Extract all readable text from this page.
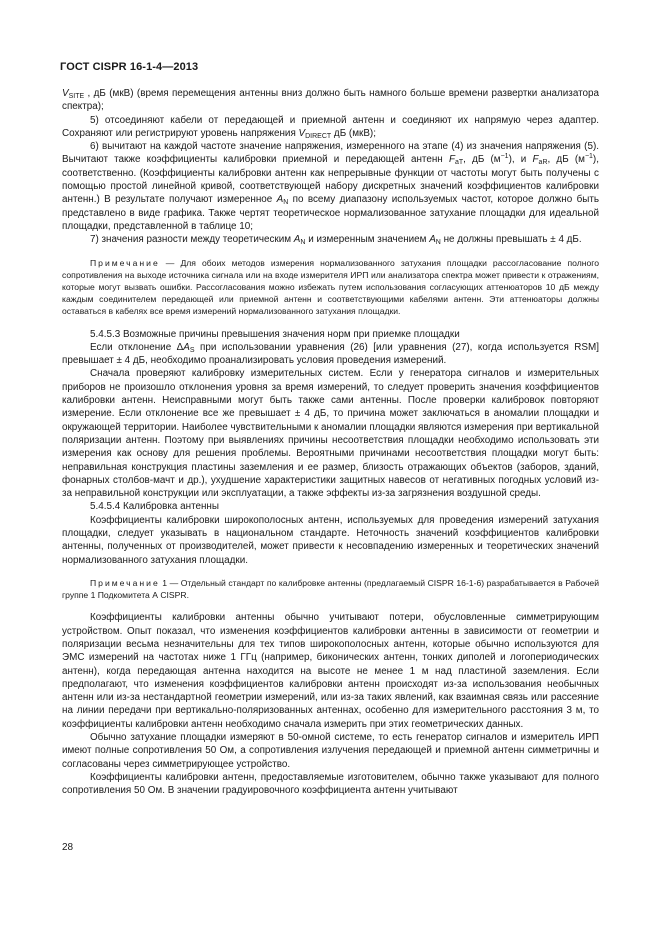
ГОСТ CISPR 16-1-4—2013

$V_{SITE}$ , дБ (мкВ) (время перемещения антенны вниз должно быть намного больше времени развертки анализатора спектра);

5) отсоединяют кабели от передающей и приемной антенн и соединяют их напрямую через адаптер. Сохраняют или регистрируют уровень напряжения $V_{DIRECT}$ дБ (мкВ);

6) вычитают на каждой частоте значение напряжения, измеренного на этапе (4) из значения напряжения (5). Вычитают также коэффициенты калибровки приемной и передающей антенн $F_{aT}$, дБ $(м^{-1})$, и $F_{aR}$, дБ $(м^{-1})$, соответственно. (Коэффициенты калибровки антенн как непрерывные функции от частоты могут быть получены с помощью простой линейной кривой, соответствующей набору дискретных значений коэффициентов калибровки антенн.) В результате получают измеренное $A_N$ по всему диапазону используемых частот, которое должно быть представлено в виде графика. Также чертят теоретическое нормализованное затухание площадки для идеальной площадки, представленной в таблице 10;

7) значения разности между теоретическим $A_N$ и измеренным значением $A_N$ не должны превышать ± 4 дБ.

Примечание — Для обоих методов измерения нормализованного затухания площадки рассогласование полного сопротивления на выходе источника сигнала или на входе измерителя ИРП или анализатора спектра может привести к отражениям, которые могут вызвать ошибки. Рассогласования можно избежать путем использования согласующих аттенюаторов 10 дБ между каждым соединителем передающей или приемной антенн и соответствующими кабелями антенн. Эти аттенюаторы должны оставаться в кабелях все время измерений нормализованного затухания площадки.

5.4.5.3 Возможные причины превышения значения норм при приемке площадки

Если отклонение $\Delta A_S$ при использовании уравнения (26) [или уравнения (27), когда используется RSM] превышает ± 4 дБ, необходимо проанализировать условия проведения измерений.

Сначала проверяют калибровку измерительных систем. Если у генератора сигналов и измерительных приборов не произошло отклонения уровня за время измерений, то следует проверить значения коэффициентов калибровки антенн. Неисправными могут быть также сами антенны. После проверки калибровок повторяют измерение. Если отклонение все же превышает ± 4 дБ, то причина может заключаться в аномалии площадки и окружающей территории. Наиболее чувствительными к аномалии площадки являются измерения при вертикальной поляризации антенн. Поэтому при выявлениях причины несоответствия площадки необходимо использовать эти измерения как основу для решения проблемы. Вероятными причинами несоответствия площадки могут быть: неправильная конструкция пластины заземления и ее размер, близость отражающих объектов (заборов, зданий, фонарных столбов-мачт и др.), ухудшение характеристики защитных навесов от негативных погодных условий из-за неправильной конструкции или эксплуатации, а также эффекты из-за загрязнения воздушной среды.

5.4.5.4 Калибровка антенны

Коэффициенты калибровки широкополосных антенн, используемых для проведения измерений затухания площадки, следует указывать в национальном стандарте. Неточность значений коэффициентов калибровки антенны, полученных от производителей, может привести к несовпадению измеренных и теоретических значений нормализованного затухания площадки.

Примечание 1 — Отдельный стандарт по калибровке антенны (предлагаемый CISPR 16-1-6) разрабатывается в Рабочей группе 1 Подкомитета А CISPR.

Коэффициенты калибровки антенны обычно учитывают потери, обусловленные симметрирующим устройством. Опыт показал, что изменения коэффициентов калибровки антенны в зависимости от геометрии и поляризации весьма незначительны для тех типов широкополосных антенн, которые обычно используются для ЭМС измерений на частотах ниже 1 ГГц (например, биконических антенн, тонких диполей и логопериодических антенн), когда передающая антенна находится на высоте не менее 1 м над пластиной заземления. Если предполагают, что изменения коэффициентов калибровки антенн происходят из-за использования необычных антенн или из-за нестандартной геометрии измерений, или из-за таких явлений, как взаимная связь или рассеяние на линии передачи при вертикально-поляризованных антеннах, особенно для измерительного расстояния 3 м, то коэффициенты калибровки антенн необходимо сначала измерить при этих геометрических данных.

Обычно затухание площадки измеряют в 50-омной системе, то есть генератор сигналов и измеритель ИРП имеют полные сопротивления 50 Ом, а сопротивления излучения передающей и приемной антенн симметричны и согласованы через симметрирующее устройство.

Коэффициенты калибровки антенн, предоставляемые изготовителем, обычно также указывают для полного сопротивления 50 Ом. В значении градуировочного коэффициента антенн учитывают

28
